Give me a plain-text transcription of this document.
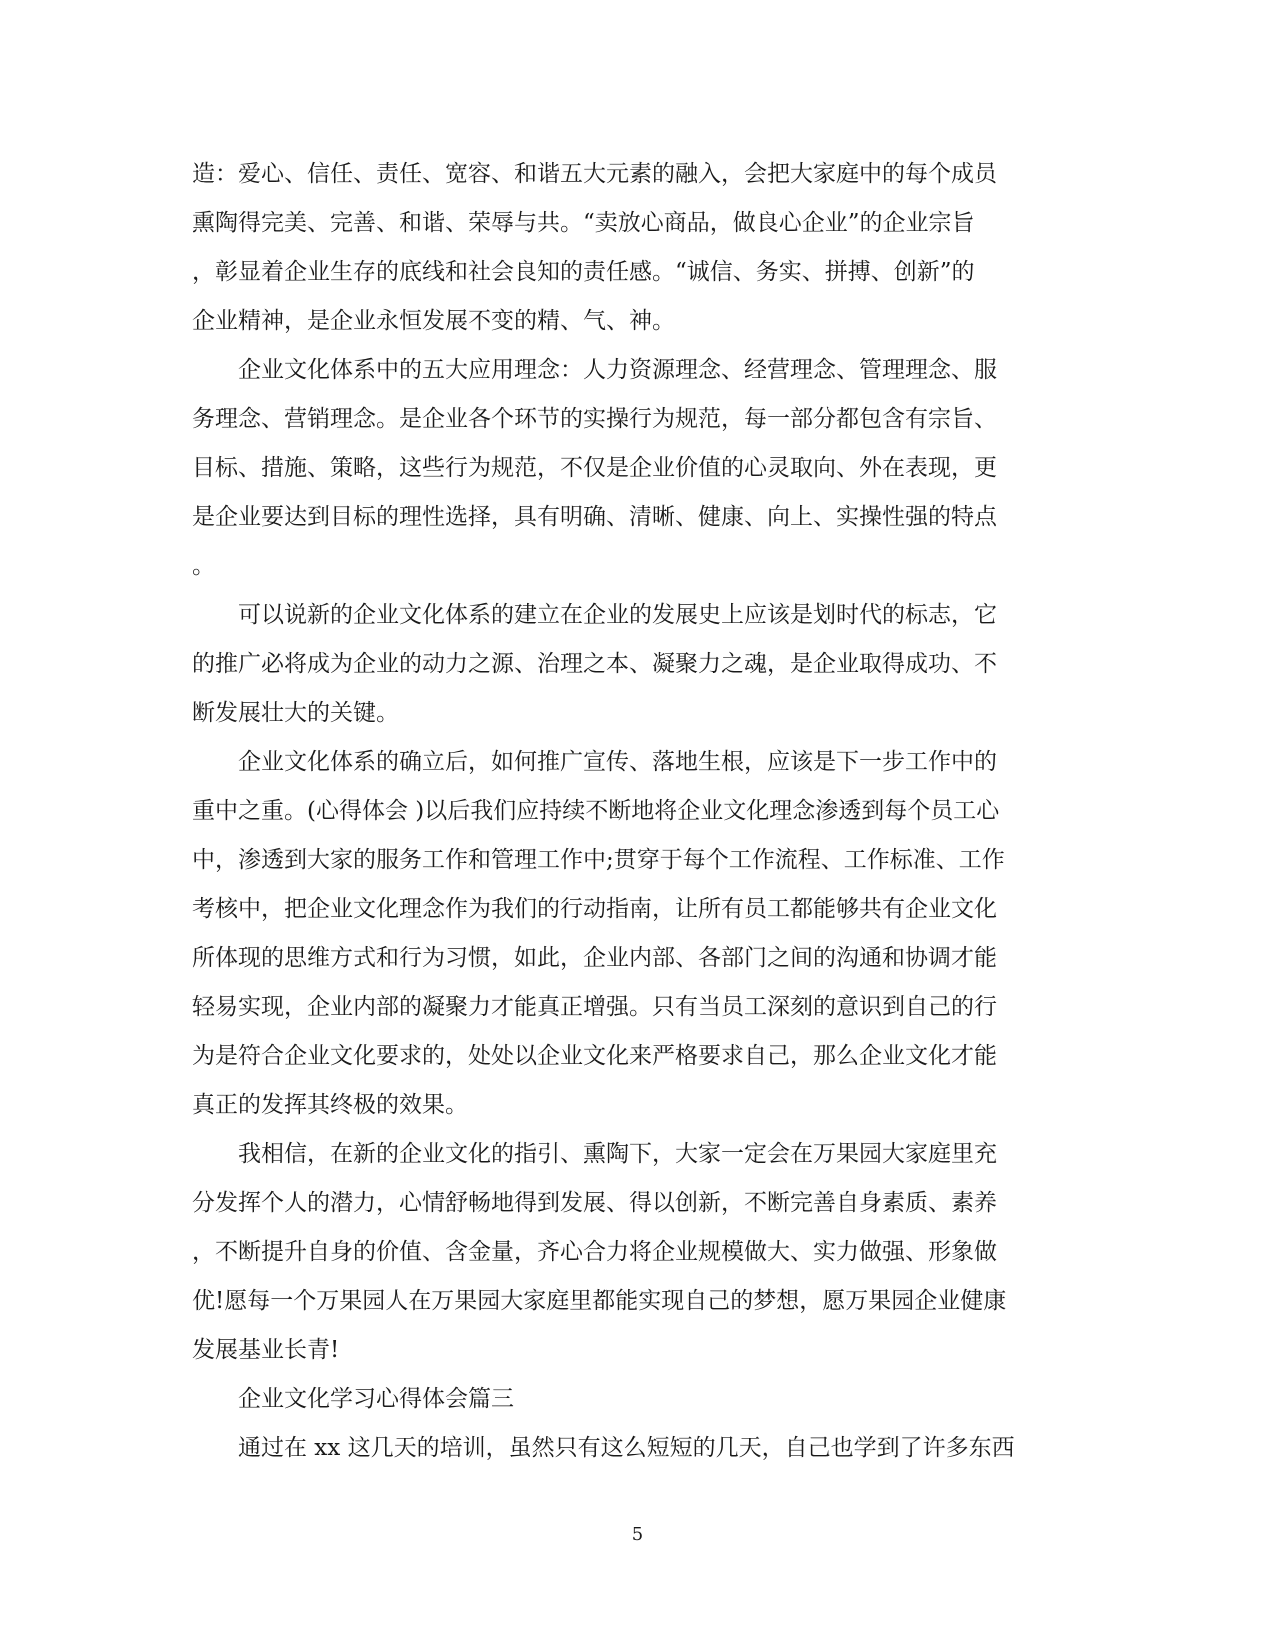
造：爱心、信任、责任、宽容、和谐五大元素的融入，会把大家庭中的每个成员
熏陶得完美、完善、和谐、荣辱与共。“卖放心商品，做良心企业”的企业宗旨
，彰显着企业生存的底线和社会良知的责任感。“诚信、务实、拼搏、创新”的
企业精神，是企业永恒发展不变的精、气、神。
　　企业文化体系中的五大应用理念：人力资源理念、经营理念、管理理念、服
务理念、营销理念。是企业各个环节的实操行为规范，每一部分都包含有宗旨、
目标、措施、策略，这些行为规范，不仅是企业价值的心灵取向、外在表现，更
是企业要达到目标的理性选择，具有明确、清晰、健康、向上、实操性强的特点
。
　　可以说新的企业文化体系的建立在企业的发展史上应该是划时代的标志，它
的推广必将成为企业的动力之源、治理之本、凝聚力之魂，是企业取得成功、不
断发展壮大的关键。
　　企业文化体系的确立后，如何推广宣传、落地生根，应该是下一步工作中的
重中之重。(心得体会 )以后我们应持续不断地将企业文化理念渗透到每个员工心
中，渗透到大家的服务工作和管理工作中;贯穿于每个工作流程、工作标准、工作
考核中，把企业文化理念作为我们的行动指南，让所有员工都能够共有企业文化
所体现的思维方式和行为习惯，如此，企业内部、各部门之间的沟通和协调才能
轻易实现，企业内部的凝聚力才能真正增强。只有当员工深刻的意识到自己的行
为是符合企业文化要求的，处处以企业文化来严格要求自己，那么企业文化才能
真正的发挥其终极的效果。
　　我相信，在新的企业文化的指引、熏陶下，大家一定会在万果园大家庭里充
分发挥个人的潜力，心情舒畅地得到发展、得以创新，不断完善自身素质、素养
，不断提升自身的价值、含金量，齐心合力将企业规模做大、实力做强、形象做
优!愿每一个万果园人在万果园大家庭里都能实现自己的梦想，愿万果园企业健康
发展基业长青!
　　企业文化学习心得体会篇三
　　通过在 xx 这几天的培训，虽然只有这么短短的几天，自己也学到了许多东西
5
